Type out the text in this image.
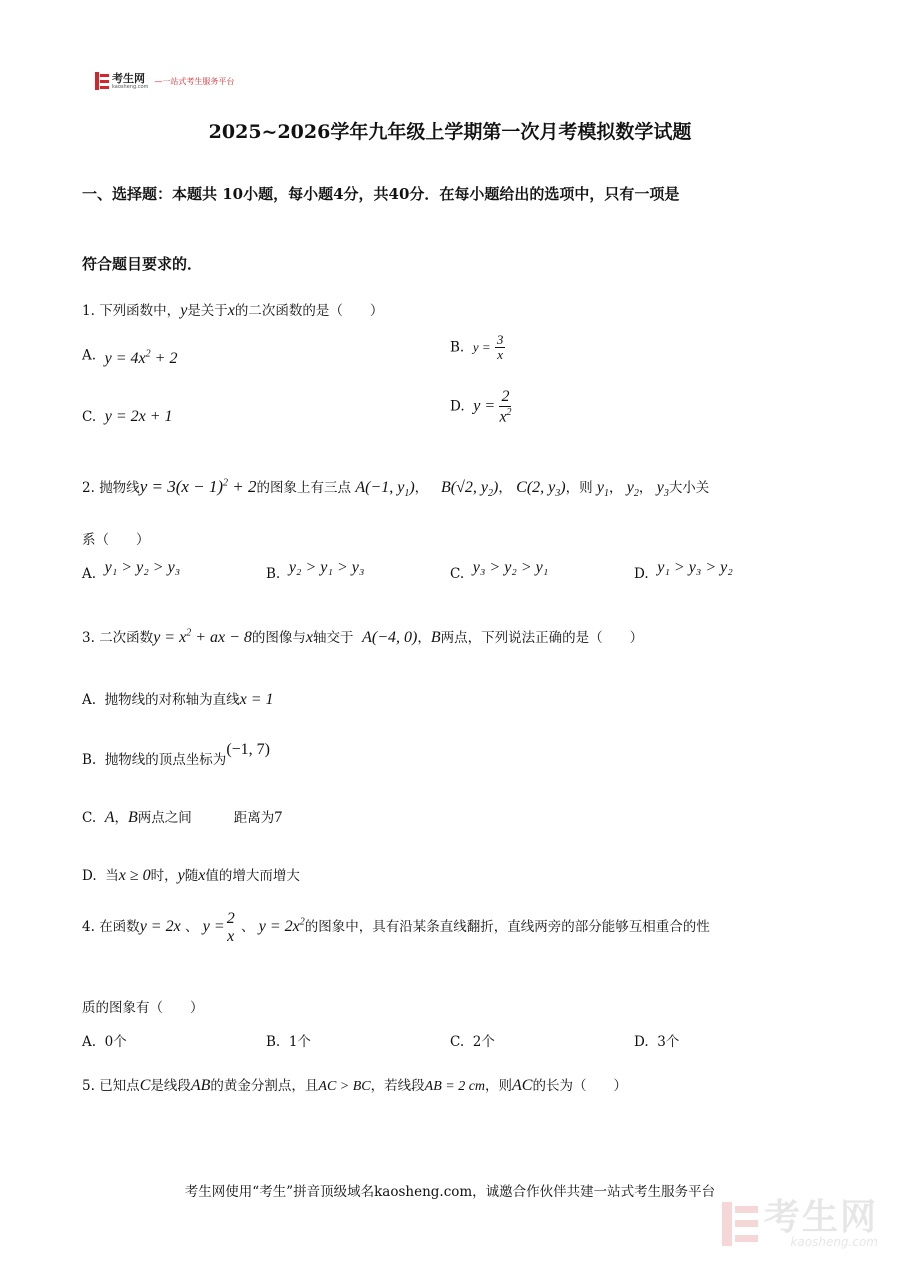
考生网
kaosheng.com
—一站式考生服务平台
2025~2026学年九年级上学期第一次月考模拟数学试题
一、选择题：本题共 10小题，每小题4分，共40分．在每小题给出的选项中，只有一项是
符合题目要求的．
1. 下列函数中，y是关于x的二次函数的是（　　）
A. $y = 4x^2 + 2$
B. $y = \frac{3}{x}$
C. y = 2x + 1
D. $y = \frac{2}{x^2}$
2. 抛物线$y = 3(x - 1)^2 + 2$的图象上有三点 A(−1, $y_1$)， B(√2, $y_2$)， C(2, $y_3$)，则 $y_1$， $y_2$， $y_3$大小关
系（　　）
A. y₁ > y₂ > y₃	B. y₂ > y₁ > y₃	C. y₃ > y₂ > y₁	D. y₁ > y₃ > y₂
3. 二次函数$y = x^2$ + ax − 8的图像与x轴交于 A(−4, 0)，B两点，下列说法正确的是（　　）
A. 抛物线的对称轴为直线x = 1
B. 抛物线的顶点坐标为(−1, 7)
C. A，B两点之间	距离为7
D. 当x ≥ 0时，y随x值的增大而增大
4. 在函数y = 2x 、 y = 2
x
、 $y = 2x^2$的图象中，具有沿某条直线翻折，直线两旁的部分能够互相重合的性
质的图象有（　　）
A. 0个	B. 1个	C. 2个	D. 3个
5. 已知点C是线段AB的黄金分割点，且AC > BC，若线段AB = 2 cm，则AC的长为（　　）
考生网使用“考生”拼音顶级域名kaosheng.com，诚邀合作伙伴共建一站式考生服务平台
考生网
kaosheng.com
